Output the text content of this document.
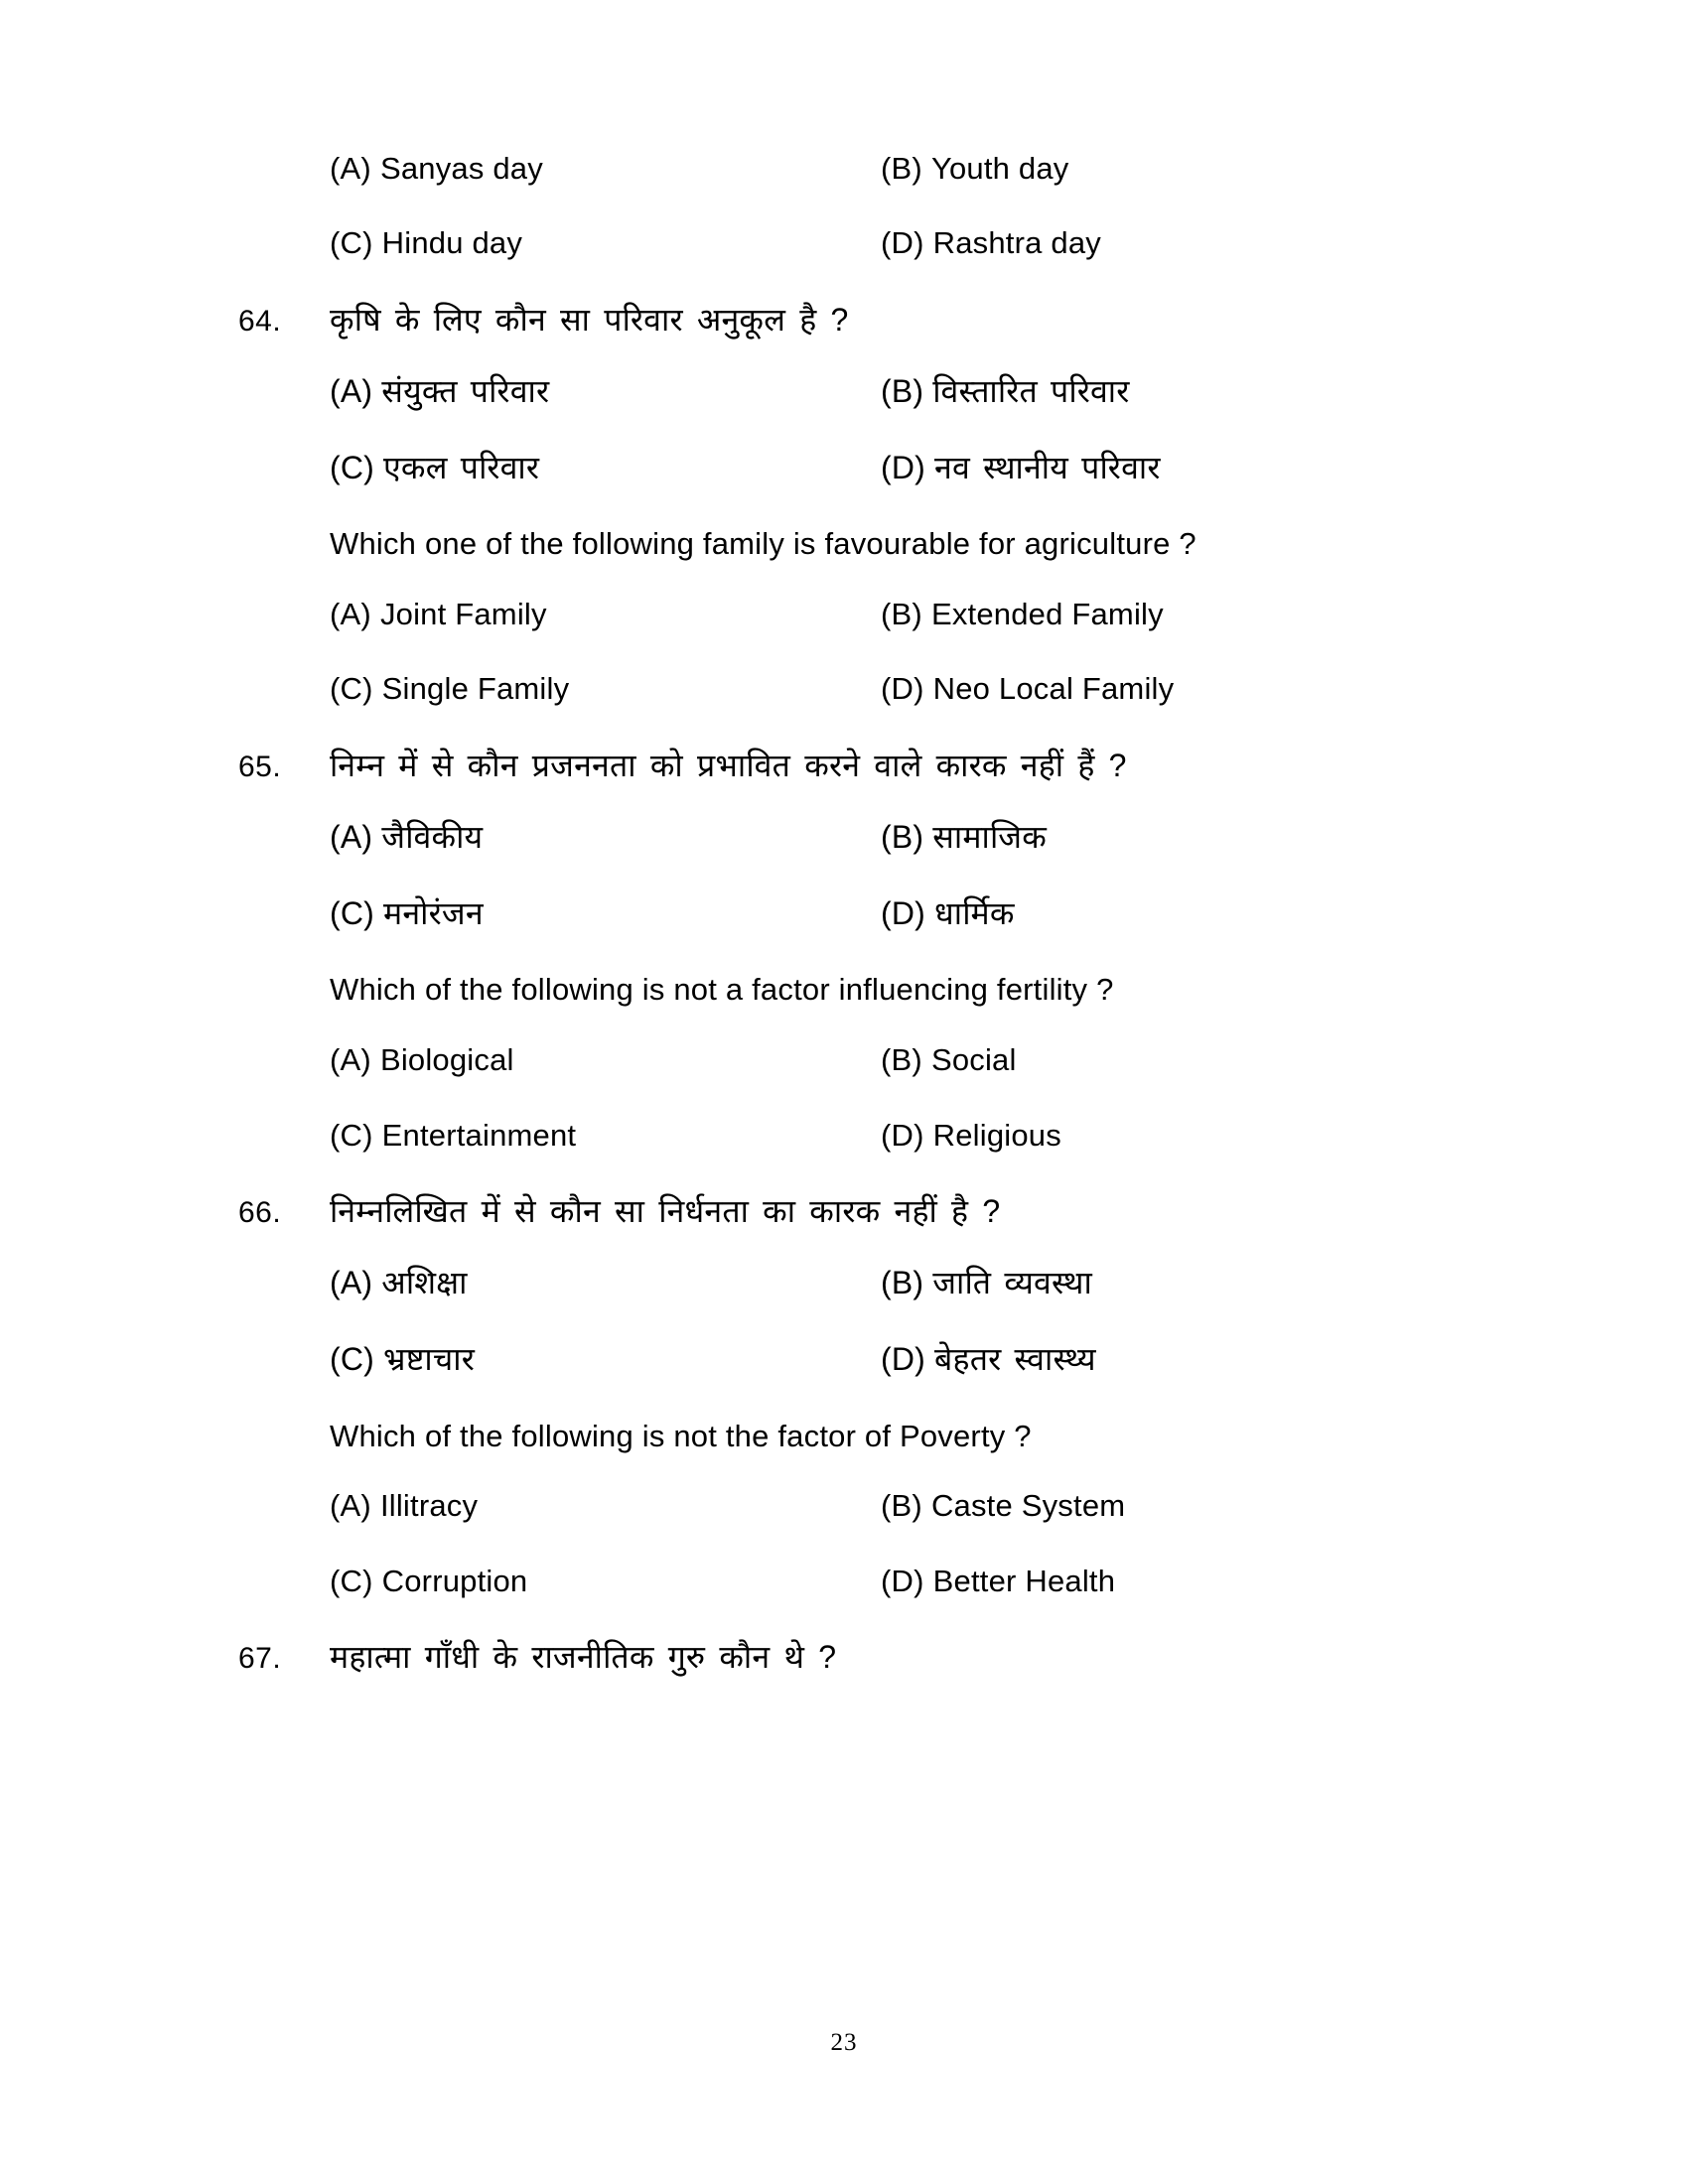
(A) Sanyas day	(B) Youth day
(C) Hindu day	(D) Rashtra day
64.	कृषि के लिए कौन सा परिवार अनुकूल है ?
(A) संयुक्त परिवार	(B) विस्तारित परिवार
(C) एकल परिवार	(D) नव स्थानीय परिवार
Which one of the following family is favourable for agriculture ?
(A) Joint Family	(B) Extended Family
(C) Single Family	(D) Neo Local Family
65.	निम्न में से कौन प्रजननता को प्रभावित करने वाले कारक नहीं हैं ?
(A) जैविकीय	(B) सामाजिक
(C) मनोरंजन	(D) धार्मिक
Which of the following is not a factor influencing fertility ?
(A) Biological	(B) Social
(C) Entertainment	(D) Religious
66.	निम्नलिखित में से कौन सा निर्धनता का कारक नहीं है ?
(A) अशिक्षा	(B) जाति व्यवस्था
(C) भ्रष्टाचार	(D) बेहतर स्वास्थ्य
Which of the following is not the factor of Poverty ?
(A) Illitracy	(B) Caste System
(C) Corruption	(D) Better Health
67.	महात्मा गाँधी के राजनीतिक गुरु कौन थे ?
23
